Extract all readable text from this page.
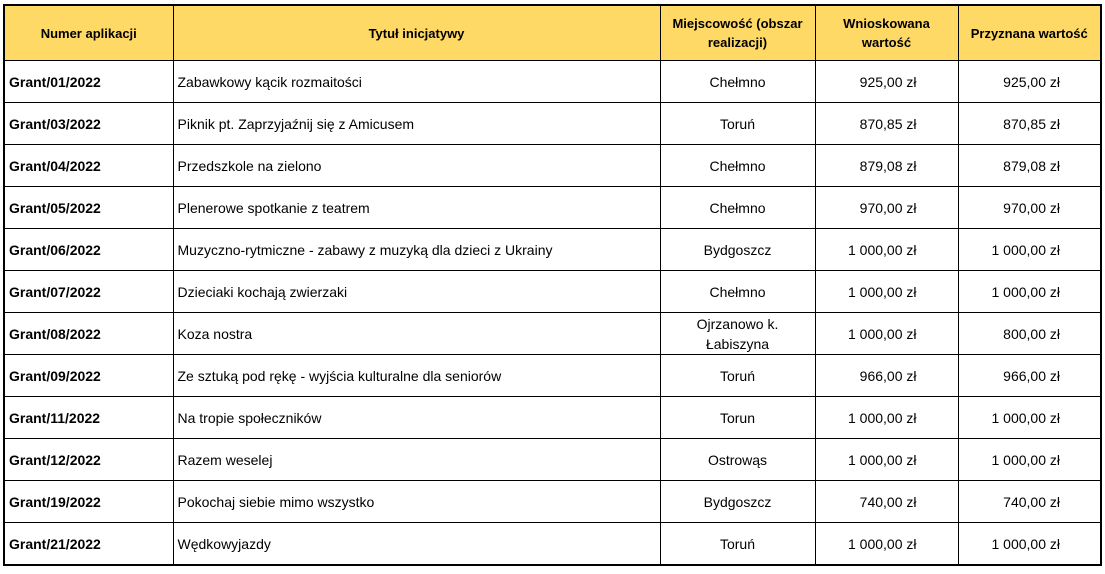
Numer aplikacji	Tytuł inicjatywy	Miejscowość (obszar realizacji)	Wnioskowana wartość	Przyznana wartość
Grant/01/2022	Zabawkowy kącik rozmaitości	Chełmno	925,00 zł	925,00 zł
Grant/03/2022	Piknik pt. Zaprzyjaźnij się z Amicusem	Toruń	870,85 zł	870,85 zł
Grant/04/2022	Przedszkole na zielono	Chełmno	879,08 zł	879,08 zł
Grant/05/2022	Plenerowe spotkanie z teatrem	Chełmno	970,00 zł	970,00 zł
Grant/06/2022	Muzyczno-rytmiczne - zabawy z muzyką dla dzieci z Ukrainy	Bydgoszcz	1 000,00 zł	1 000,00 zł
Grant/07/2022	Dzieciaki kochają zwierzaki	Chełmno	1 000,00 zł	1 000,00 zł
Grant/08/2022	Koza nostra	Ojrzanowo k. Łabiszyna	1 000,00 zł	800,00 zł
Grant/09/2022	Ze sztuką pod rękę - wyjścia kulturalne dla seniorów	Toruń	966,00 zł	966,00 zł
Grant/11/2022	Na tropie społeczników	Torun	1 000,00 zł	1 000,00 zł
Grant/12/2022	Razem weselej	Ostrowąs	1 000,00 zł	1 000,00 zł
Grant/19/2022	Pokochaj siebie mimo wszystko	Bydgoszcz	740,00 zł	740,00 zł
Grant/21/2022	Wędkowyjazdy	Toruń	1 000,00 zł	1 000,00 zł
